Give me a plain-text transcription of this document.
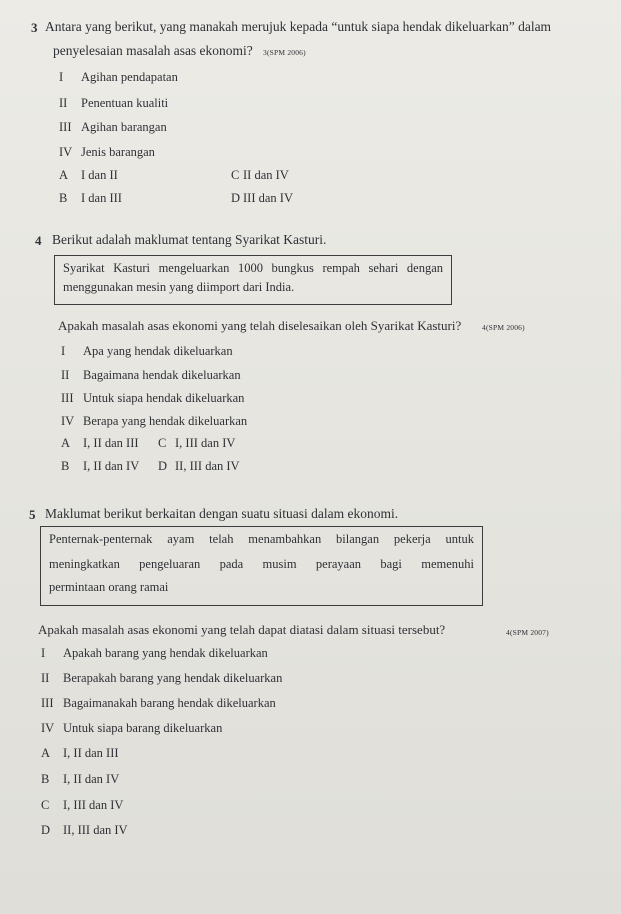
3 Antara yang berikut, yang manakah merujuk kepada “untuk siapa hendak dikeluarkan” dalam
penyelesaian masalah asas ekonomi? 3(SPM 2006)
I Agihan pendapatan
II Penentuan kualiti
III Agihan barangan
IV Jenis barangan
A I dan II	C II dan IV
B I dan III	D III dan IV
4 Berikut adalah maklumat tentang Syarikat Kasturi.
Syarikat Kasturi mengeluarkan 1000 bungkus rempah sehari dengan
menggunakan mesin yang diimport dari India.
Apakah masalah asas ekonomi yang telah diselesaikan oleh Syarikat Kasturi?	4(SPM 2006)
I Apa yang hendak dikeluarkan
II Bagaimana hendak dikeluarkan
III Untuk siapa hendak dikeluarkan
IV Berapa yang hendak dikeluarkan
A I, II dan III C I, III dan IV
B I, II dan IV D II, III dan IV
5 Maklumat berikut berkaitan dengan suatu situasi dalam ekonomi.
Penternak-penternak ayam telah menambahkan bilangan pekerja untuk
meningkatkan pengeluaran pada musim perayaan bagi memenuhi
permintaan orang ramai
Apakah masalah asas ekonomi yang telah dapat diatasi dalam situasi tersebut?	4(SPM 2007)
I Apakah barang yang hendak dikeluarkan
II Berapakah barang yang hendak dikeluarkan
III Bagaimanakah barang hendak dikeluarkan
IV Untuk siapa barang dikeluarkan
A I, II dan III
B I, II dan IV
C I, III dan IV
D II, III dan IV
